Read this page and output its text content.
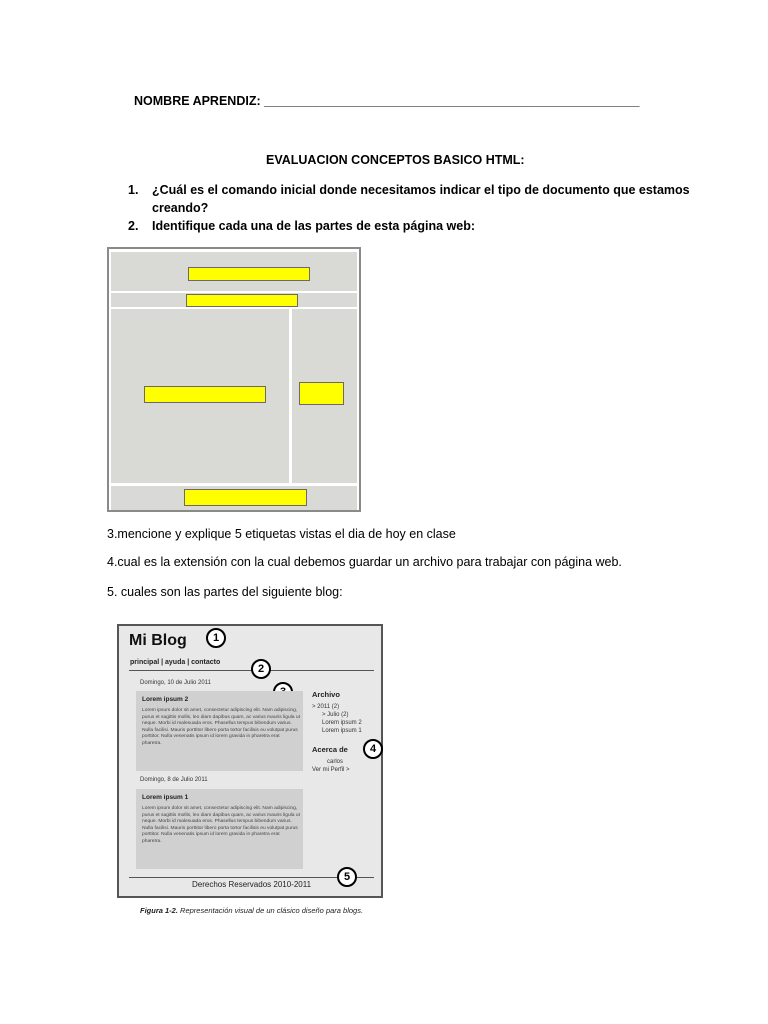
NOMBRE APRENDIZ: ______________________________________________________
EVALUACION CONCEPTOS BASICO HTML:
1. ¿Cuál es el comando inicial donde necesitamos indicar el tipo de documento que estamos
creando?
2. Identifique cada una de las partes de esta página web:
3.mencione y explique 5 etiquetas vistas el dia de hoy en clase
4.cual es la extensión con la cual debemos guardar un archivo para trabajar con página web.
5. cuales son las partes del siguiente blog:
Mi Blog	1
principal | ayuda | contacto
2
Domingo, 10 de Julio 2011
Lorem ipsum 2
Lorem ipsum dolor sit amet, consectetur adipiscing elit. Nam adipiscing, purus et sagittis mollis, leo diam dapibus quam, ac varius mauris ligula ut neque. Morbi id malesuada eros. Phasellus tempus bibendum varius. Nulla facilisi. Mauris porttitor libero porta tortor facilisis eu volutpat purus porttitor. Nulla venenatis ipsum id lorem gravida in pharetra erat pharetra.
Domingo, 8 de Julio 2011
Lorem ipsum 1
Lorem ipsum dolor sit amet, consectetur adipiscing elit. Nam adipiscing, purus et sagittis mollis, leo diam dapibus quam, ac varius mauris ligula ut neque. Morbi id malesuada eros. Phasellus tempus bibendum varius. Nulla facilisi. Mauris porttitor libero porta tortor facilisis eu volutpat purus porttitor. Nulla venenatis ipsum id lorem gravida in pharetra erat pharetra.
Archivo
> 2011 (2)
> Julio (2)
Lorem ipsum 2
Lorem ipsum 1
Acerca de	4
carlos
Ver mi Perfil >
Derechos Reservados 2010-2011
5
Figura 1-2. Representación visual de un clásico diseño para blogs.
